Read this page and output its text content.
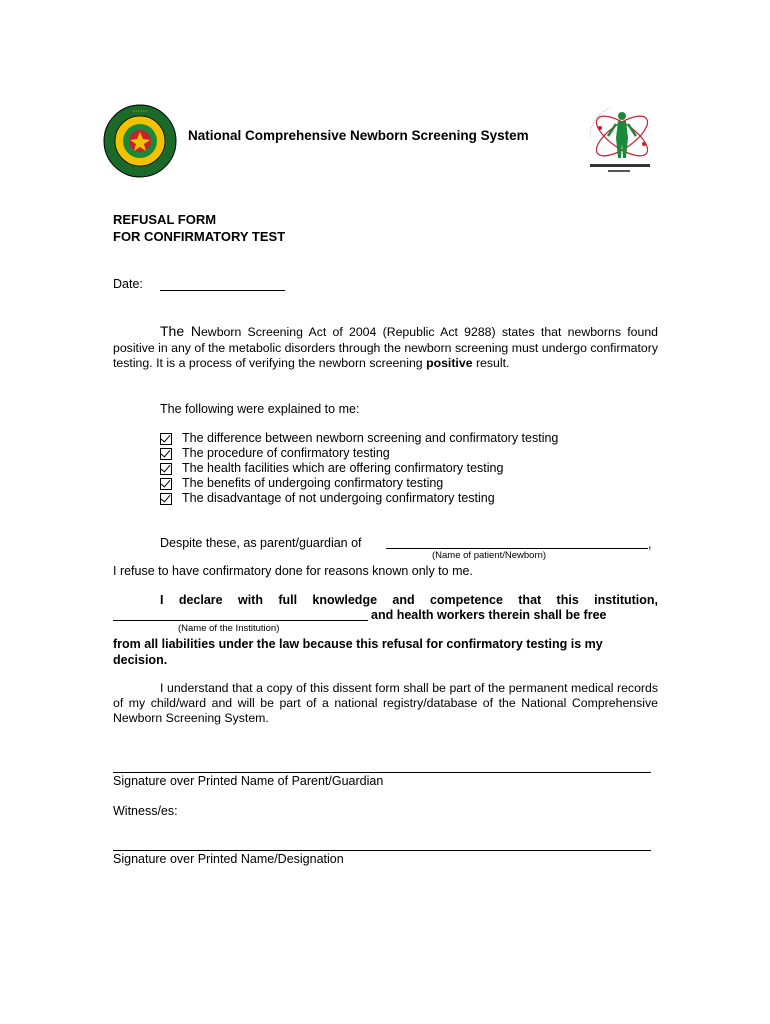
• • • • • •
National Comprehensive Newborn Screening System
REFUSAL FORM
FOR CONFIRMATORY TEST
Date:
The Newborn Screening Act of 2004 (Republic Act 9288) states that newborns found positive in any of the metabolic disorders through the newborn screening must undergo confirmatory testing. It is a process of verifying the newborn screening positive result.
The following were explained to me:
The difference between newborn screening and confirmatory testing
The procedure of confirmatory testing
The health facilities which are offering confirmatory testing
The benefits of undergoing confirmatory testing
The disadvantage of not undergoing confirmatory testing
Despite these, as parent/guardian of	,
(Name of patient/Newborn)
I refuse to have confirmatory done for reasons known only to me.
I declare with full knowledge and competence that this institution,
and health workers therein shall be free
(Name of the Institution)
from all liabilities under the law because this refusal for confirmatory testing is my decision.
I understand that a copy of this dissent form shall be part of the permanent medical records of my child/ward and will be part of a national registry/database of the National Comprehensive Newborn Screening System.
Signature over Printed Name of Parent/Guardian
Witness/es:
Signature over Printed Name/Designation
